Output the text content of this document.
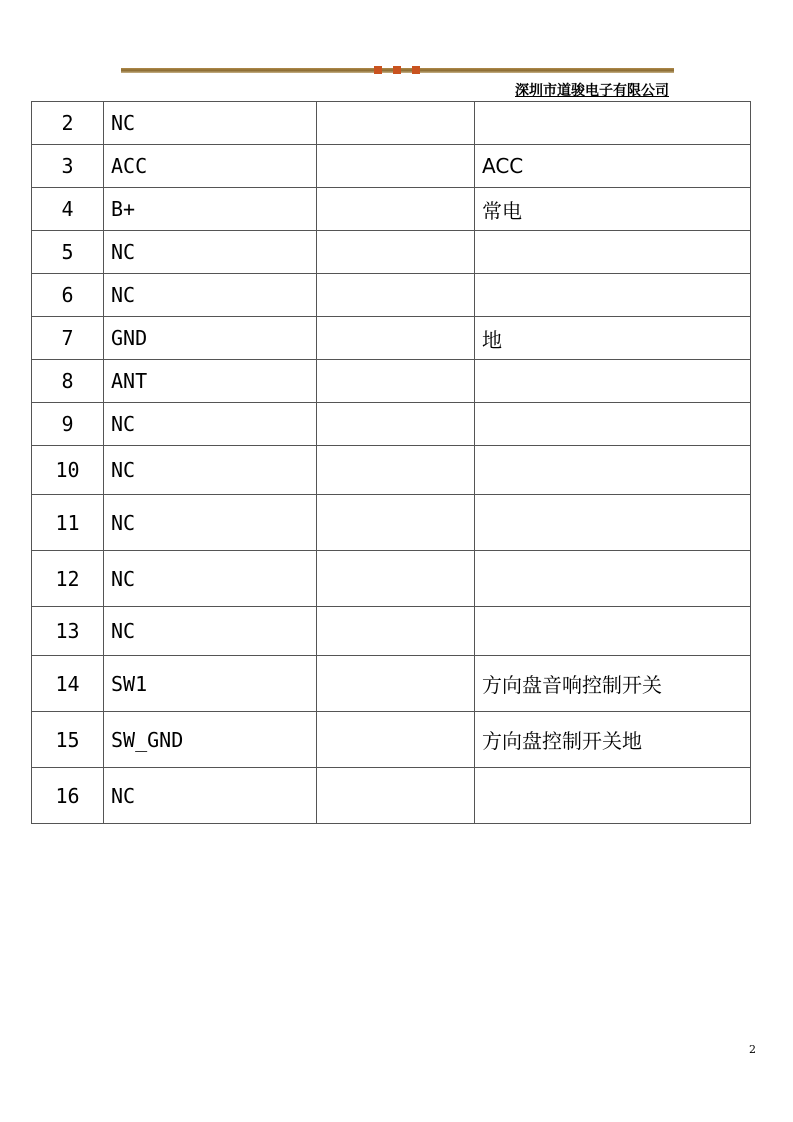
深圳市道骏电子有限公司
2	NC		
3	ACC		ACC
4	B+		常电
5	NC		
6	NC		
7	GND		地
8	ANT		
9	NC		
10	NC		
11	NC		
12	NC		
13	NC		
14	SW1		方向盘音响控制开关
15	SW_GND		方向盘控制开关地
16	NC		
2
